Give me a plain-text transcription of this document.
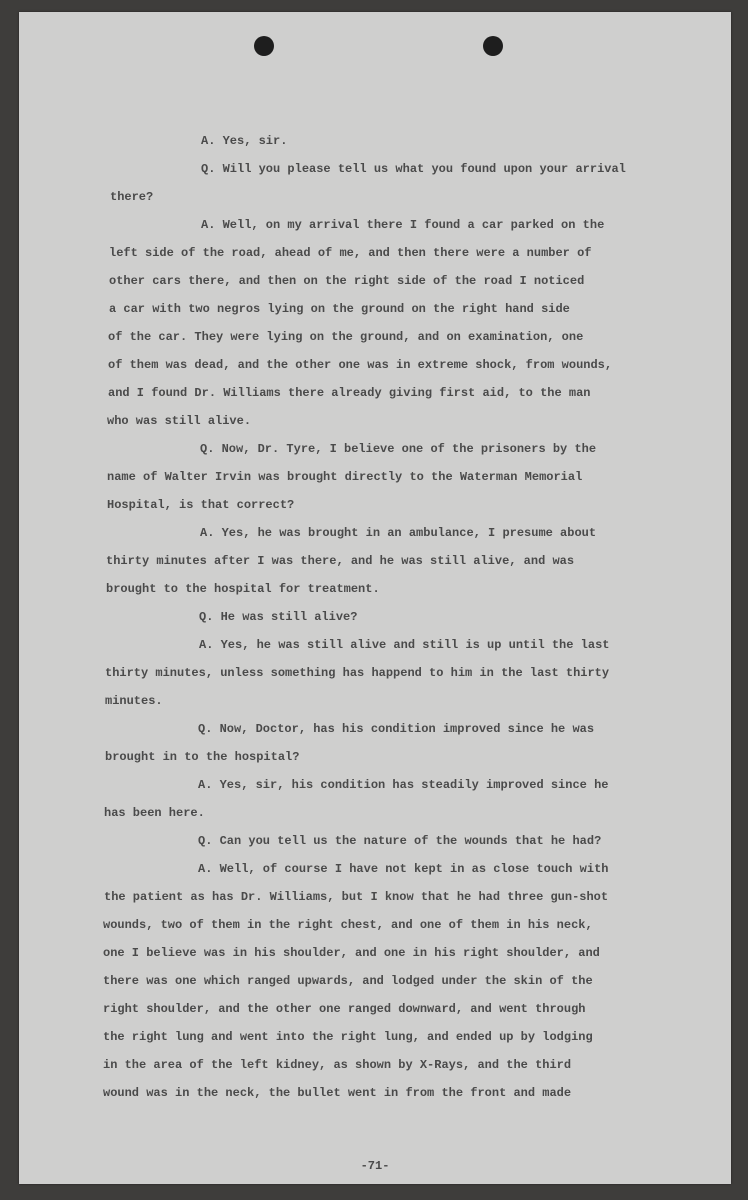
A. Yes, sir.
Q. Will you please tell us what you found upon your arrival
there?
A. Well, on my arrival there I found a car parked on the
left side of the road, ahead of me, and then there were a number of
other cars there, and then on the right side of the road I noticed
a car with two negros lying on the ground on the right hand side
of the car. They were lying on the ground, and on examination, one
of them was dead, and the other one was in extreme shock, from wounds,
and I found Dr. Williams there already giving first aid, to the man
who was still alive.
Q. Now, Dr. Tyre, I believe one of the prisoners by the
name of Walter Irvin was brought directly to the Waterman Memorial
Hospital, is that correct?
A. Yes, he was brought in an ambulance, I presume about
thirty minutes after I was there, and he was still alive, and was
brought to the hospital for treatment.
Q. He was still alive?
A. Yes, he was still alive and still is up until the last
thirty minutes, unless something has happend to him in the last thirty
minutes.
Q. Now, Doctor, has his condition improved since he was
brought in to the hospital?
A. Yes, sir, his condition has steadily improved since he
has been here.
Q. Can you tell us the nature of the wounds that he had?
A. Well, of course I have not kept in as close touch with
the patient as has Dr. Williams, but I know that he had three gun-shot
wounds, two of them in the right chest, and one of them in his neck,
one I believe was in his shoulder, and one in his right shoulder, and
there was one which ranged upwards, and lodged under the skin of the
right shoulder, and the other one ranged downward, and went through
the right lung and went into the right lung, and ended up by lodging
in the area of the left kidney, as shown by X-Rays, and the third
wound was in the neck, the bullet went in from the front and made
-71-
